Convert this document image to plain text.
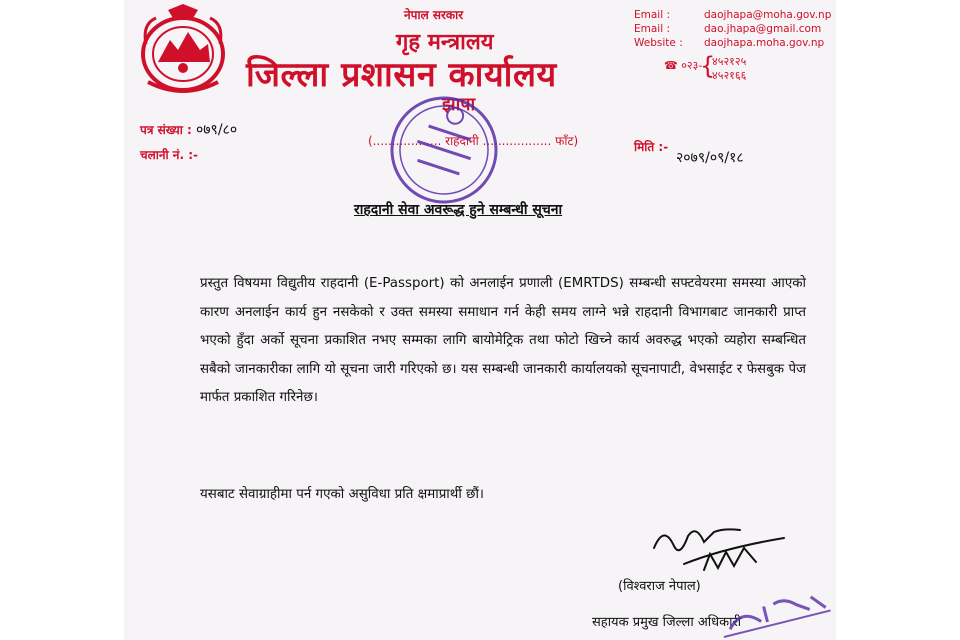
नेपाल सरकार
गृह मन्त्रालय
जिल्ला प्रशासन कार्यालय
झापा
Email :	daojhapa@moha.gov.np
Email :	dao.jhapa@gmail.com
Website : daojhapa.moha.gov.np
☎ ०२३-
{
४५२१२५
४५२१६६
पत्र संख्या : ०७९/८०
चलानी नं. :-
(.................. राहदानी .................. फाँट)	मिति :-
२०७९/०९/१८
राहदानी सेवा अवरूद्ध हुने सम्बन्धी सूचना
प्रस्तुत विषयमा विद्युतीय राहदानी (E-Passport) को अनलाईन प्रणाली (EMRTDS) सम्बन्धी सफ्टवेयरमा समस्या आएको कारण अनलाईन कार्य हुन नसकेको र उक्त समस्या समाधान गर्न केही समय लाग्ने भन्ने राहदानी विभागबाट जानकारी प्राप्त भएको हुँदा अर्को सूचना प्रकाशित नभए सम्मका लागि बायोमेट्रिक तथा फोटो खिच्ने कार्य अवरुद्ध भएको व्यहोरा सम्बन्धित सबैको जानकारीका लागि यो सूचना जारी गरिएको छ। यस सम्बन्धी जानकारी कार्यालयको सूचनापाटी, वेभसाईट र फेसबुक पेज मार्फत प्रकाशित गरिनेछ।
यसबाट सेवाग्राहीमा पर्न गएको असुविधा प्रति क्षमाप्रार्थी छौं।
(विश्वराज नेपाल)
सहायक प्रमुख जिल्ला अधिकारी
